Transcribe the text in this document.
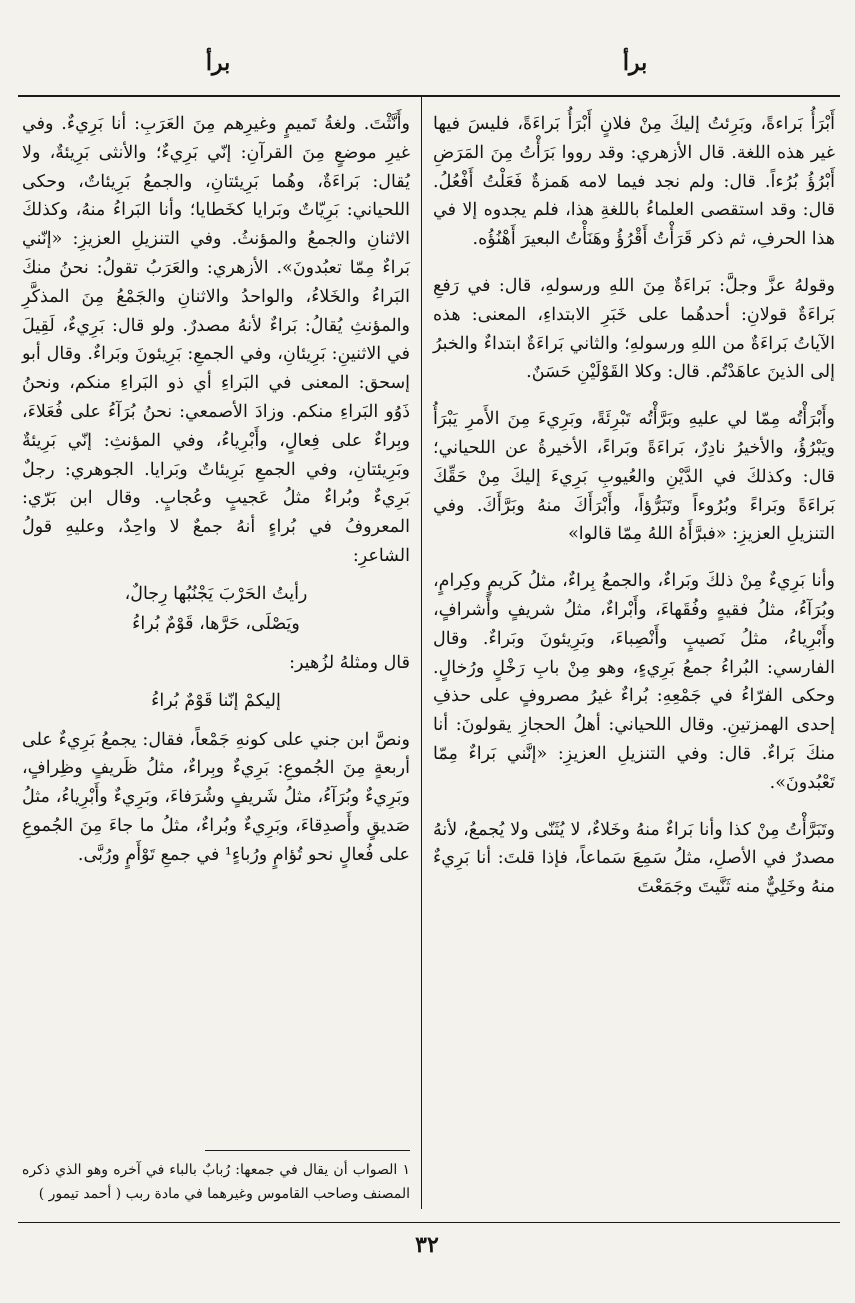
برأ
برأ

أَبْرَأُ بَراءةً، وبَرِئتُ إليكَ مِنْ فلانٍ أَبْرَأُ بَراءَةً، فليسَ فيها غير هذه اللغة. قال الأزهري: وقد رووا بَرَأْتُ مِنَ المَرَضِ أَبْرُؤُ بُرُءاً. قال: ولم نجد فيما لامه هَمزةٌ فَعَلْتُ أَفْعُلُ. قال: وقد استقصى العلماءُ باللغةِ هذا، فلم يجدوه إلا في هذا الحرفِ، ثم ذكر قَرَأْتُ أَقْرُؤُ وهَنَأْتُ البعيرَ أَهْنُؤُه.

وقولهُ عزَّ وجلَّ: بَراءَةٌ مِنَ اللهِ ورسولهِ، قال: في رَفعِ بَراءَةٌ قولانِ: أحدهُما على خَبَرِ الابتداءِ، المعنى: هذه الآياتُ بَراءَةٌ من اللهِ ورسولهِ؛ والثاني بَراءَةٌ ابتداءٌ والخبرُ إلى الذينَ عاهَدْتُم. قال: وكلا القَوْلَيْنِ حَسَنٌ.

وأَبْرَأْتُه مِمّا لي عليهِ وبَرَّأْتُه تَبْرِئَةً، وبَرِيءَ مِنَ الأَمرِ يَبْرَأُ ويَبْرُؤُ، والأخيرُ نادِرٌ، بَراءَةً وبَراءً، الأخيرةُ عن اللحياني؛ قال: وكذلكَ في الدَّيْنِ والعُيوبِ بَرِيءَ إليكَ مِنْ حَقِّكَ بَراءَةً وبَراءً وبُرُوءاً وتَبَرُّؤاً، وأَبْرَأَكَ منهُ وبَرَّأَكَ. وفي التنزيلِ العزيزِ: «فبرَّأَهُ اللهُ مِمّا قالوا»

وأنا بَرِيءٌ مِنْ ذلكَ وبَراءٌ، والجمعُ بِراءٌ، مثلُ كَريمٍ وكِرامٍ، وبُرَآءُ، مثلُ فقيهٍ وفُقَهاءَ، وأَبْراءٌ، مثلُ شريفٍ وأَشرافٍ، وأَبْرِياءُ، مثلُ نَصيبٍ وأَنْصِباءَ، وبَرِيئونَ وبَراءٌ. وقال الفارسي: البُراءُ جمعُ بَرِيءٍ، وهو مِنْ بابِ رَخْلٍ ورُخالٍ. وحكى الفرّاءُ في جَمْعِهِ: بُراءٌ غيرُ مصروفٍ على حذفِ إحدى الهمزتينِ. وقال اللحياني: أهلُ الحجازِ يقولونَ: أنا منكَ بَراءٌ. قال: وفي التنزيلِ العزيزِ: «إنَّني بَراءٌ مِمّا تَعْبُدونَ».

وتَبَرَّأْتُ مِنْ كذا وأنا بَراءٌ منهُ وخَلاءٌ، لا يُثَنّى ولا يُجمعُ، لأنهُ مصدرٌ في الأصلِ، مثلُ سَمِعَ سَماعاً، فإذا قلتَ: أنا بَرِيءٌ منهُ وخَلِيٌّ منه ثَنَّيتَ وجَمَعْتَ

وأَنَّثْتَ. ولغةُ تَميمٍ وغيرِهم مِنَ العَرَبِ: أنا بَرِيءٌ. وفي غيرِ موضعٍ مِنَ القرآنِ: إنّي بَرِيءٌ؛ والأنثى بَرِيئةٌ، ولا يُقال: بَراءَةٌ، وهُما بَرِيئتانِ، والجمعُ بَرِيئاتٌ، وحكى اللحياني: بَرِيّاتٌ وبَرايا كخَطايا؛ وأنا البَراءُ منهُ، وكذلكَ الاثنانِ والجمعُ والمؤنثُ. وفي التنزيلِ العزيزِ: «إنّني بَراءٌ مِمّا تعبُدونَ». الأزهري: والعَرَبُ تقولُ: نحنُ منكَ البَراءُ والخَلاءُ، والواحدُ والاثنانِ والجَمْعُ مِنَ المذكَّرِ والمؤنثِ يُقالُ: بَراءٌ لأنهُ مصدرٌ. ولو قال: بَرِيءٌ، لَقِيلَ في الاثنينِ: بَرِيئانِ، وفي الجمعِ: بَرِيئونَ وبَراءٌ. وقال أبو إسحق: المعنى في البَراءِ أي ذو البَراءِ منكم، ونحنُ ذَوُو البَراءِ منكم. وزادَ الأصمعي: نحنُ بُرَآءُ على فُعَلاءَ، وبِراءٌ على فِعالٍ، وأَبْرِياءُ، وفي المؤنثِ: إنّي بَرِيئةٌ وبَرِيئتانِ، وفي الجمعِ بَرِيئاتٌ وبَرايا. الجوهري: رجلٌ بَرِيءٌ وبُراءٌ مثلُ عَجيبٍ وعُجابٍ. وقال ابن بَرّي: المعروفُ في بُراءٍ أنهُ جمعٌ لا واحِدٌ، وعليهِ قولُ الشاعرِ:

رأيتُ الحَرْبَ يَجْنُبُها رِجالٌ،
ويَصْلَى، حَرَّها، قَوْمٌ بُراءُ

قال ومثلهُ لزُهير:

إليكمْ إنّنا قَوْمٌ بُراءُ

ونصَّ ابن جني على كونهِ جَمْعاً، فقال: يجمعُ بَرِيءٌ على أربعةٍ مِنَ الجُموعِ: بَرِيءٌ وبِراءٌ، مثلُ ظَريفٍ وظِرافٍ، وبَرِيءٌ وبُرَآءُ، مثلُ شَريفٍ وشُرَفاءَ، وبَرِيءٌ وأَبْرِياءُ، مثلُ صَديقٍ وأَصدِقاءَ، وبَرِيءٌ وبُراءٌ، مثلُ ما جاءَ مِنَ الجُموعِ على فُعالٍ نحو تُؤامٍ ورُباءٍ¹ في جمعِ تَوْأَمٍ ورُبَّى.

١ الصواب أن يقال في جمعها: رُبابٌ بالباء في آخره وهو الذي ذكره المصنف وصاحب القاموس وغيرهما في مادة ربب ( أحمد تيمور )
٣٢
